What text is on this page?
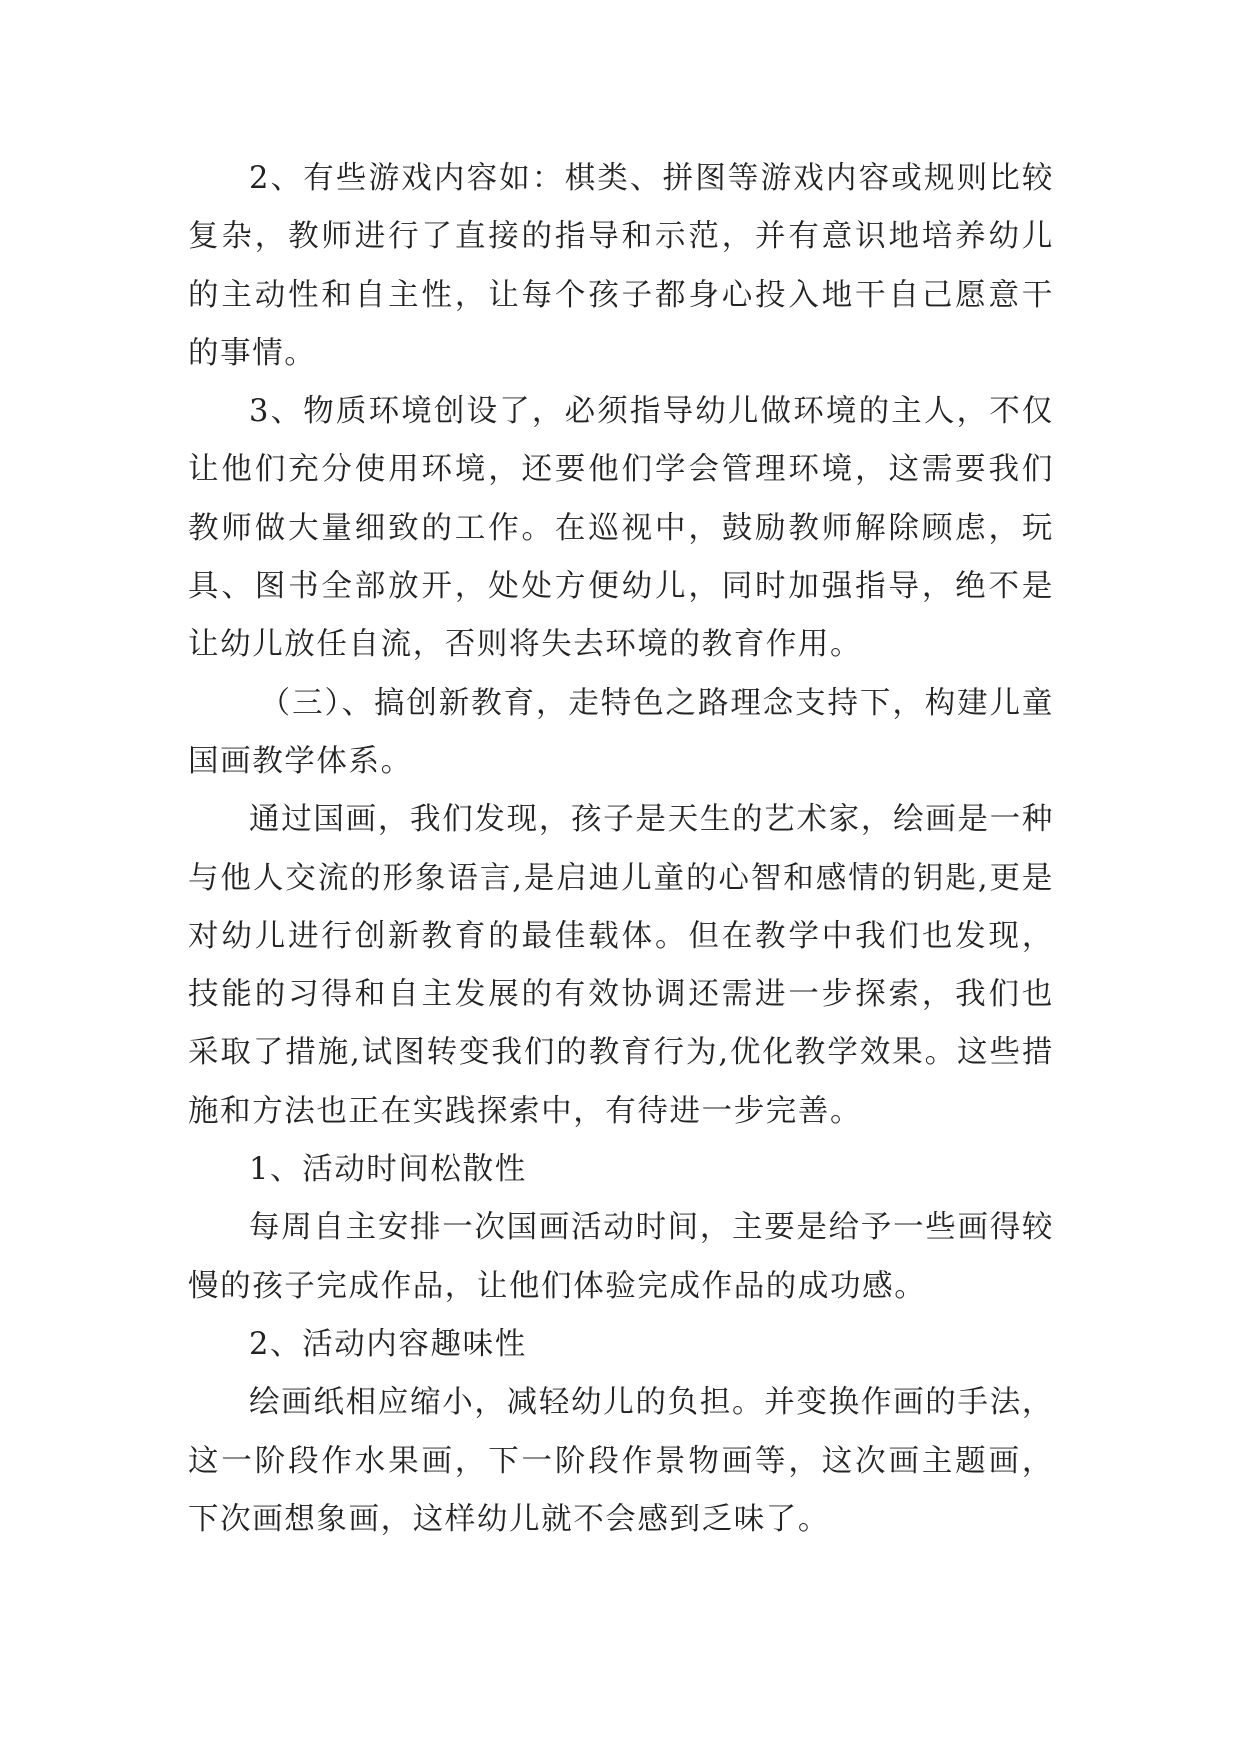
2、有些游戏内容如：棋类、拼图等游戏内容或规则比较复杂，教师进行了直接的指导和示范，并有意识地培养幼儿的主动性和自主性，让每个孩子都身心投入地干自己愿意干的事情。

3、物质环境创设了，必须指导幼儿做环境的主人，不仅让他们充分使用环境，还要他们学会管理环境，这需要我们教师做大量细致的工作。在巡视中，鼓励教师解除顾虑，玩具、图书全部放开，处处方便幼儿，同时加强指导，绝不是让幼儿放任自流，否则将失去环境的教育作用。

（三）、搞创新教育，走特色之路理念支持下，构建儿童国画教学体系。

通过国画，我们发现，孩子是天生的艺术家，绘画是一种与他人交流的形象语言,是启迪儿童的心智和感情的钥匙,更是对幼儿进行创新教育的最佳载体。但在教学中我们也发现，技能的习得和自主发展的有效协调还需进一步探索，我们也采取了措施,试图转变我们的教育行为,优化教学效果。这些措施和方法也正在实践探索中，有待进一步完善。

1、活动时间松散性

每周自主安排一次国画活动时间，主要是给予一些画得较慢的孩子完成作品，让他们体验完成作品的成功感。

2、活动内容趣味性

绘画纸相应缩小，减轻幼儿的负担。并变换作画的手法，这一阶段作水果画，下一阶段作景物画等，这次画主题画，下次画想象画，这样幼儿就不会感到乏味了。
